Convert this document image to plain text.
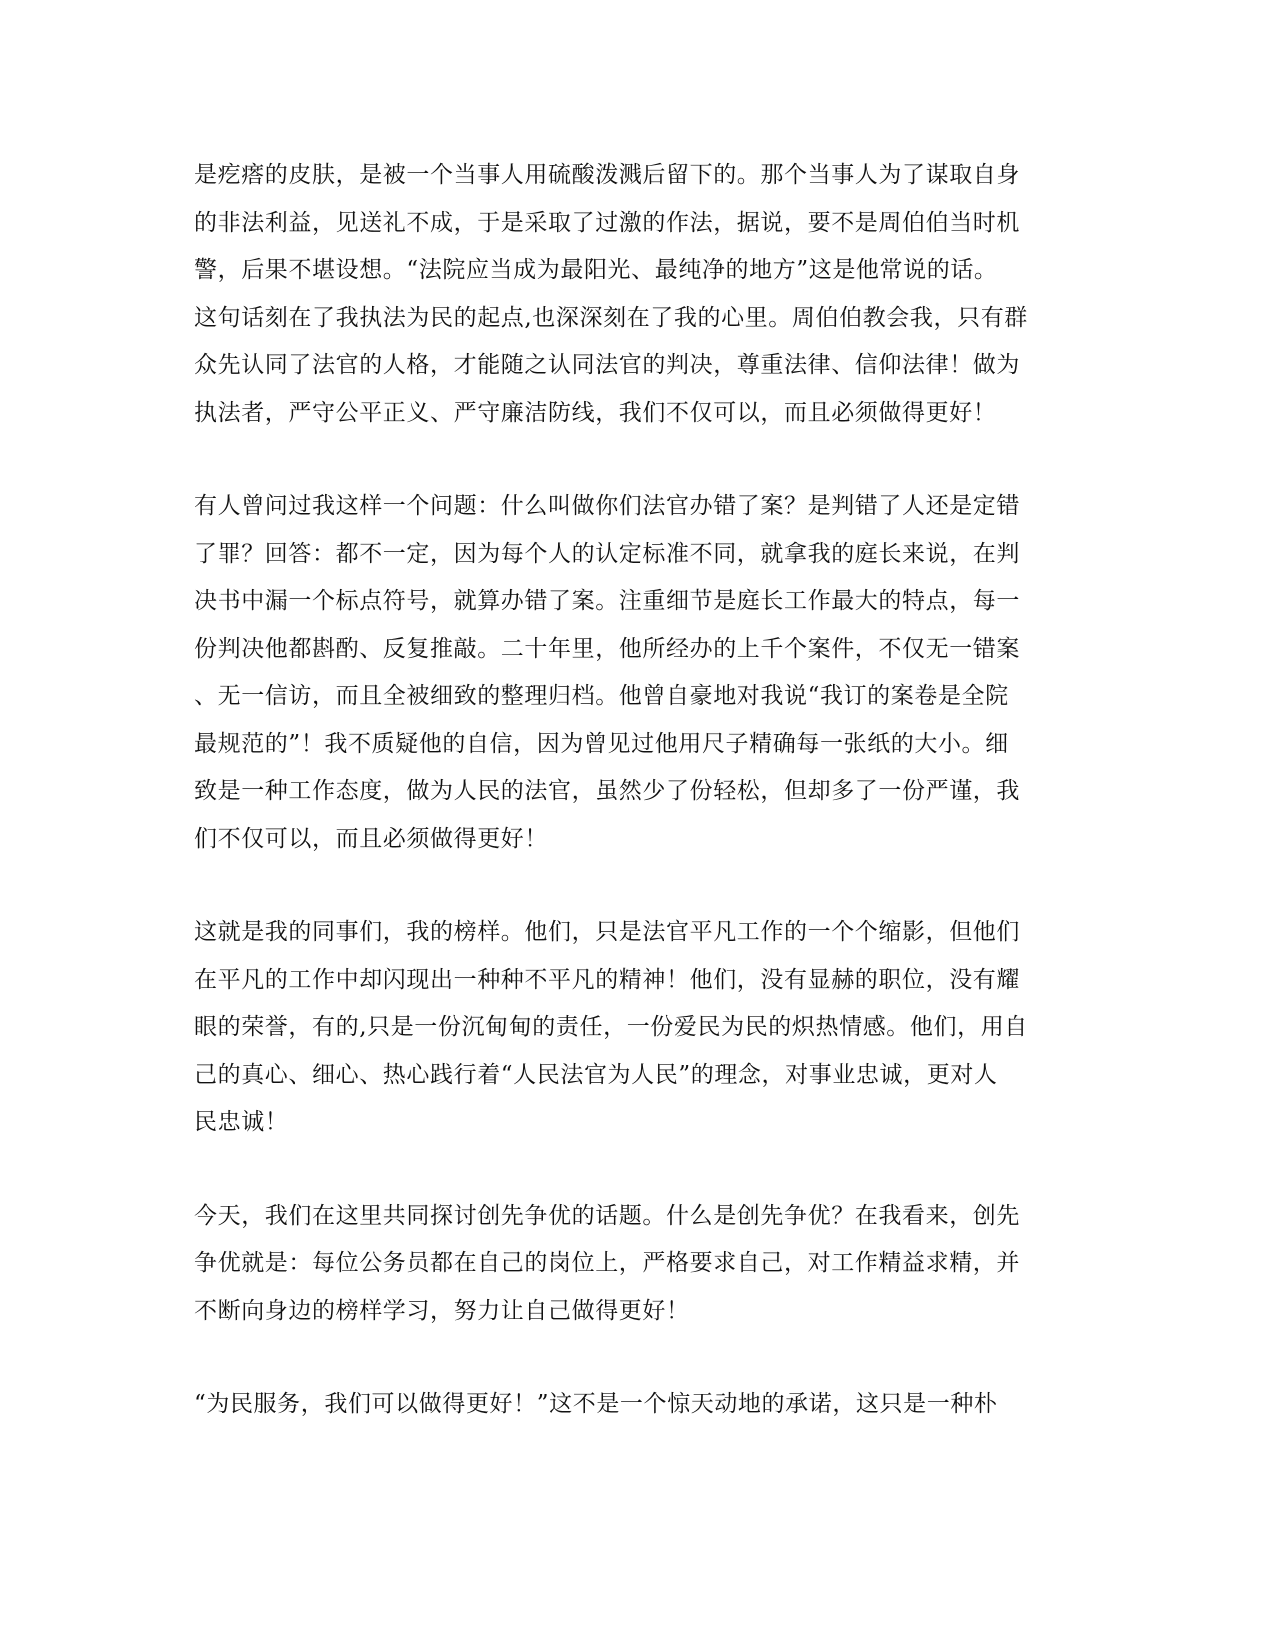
是疙瘩的皮肤，是被一个当事人用硫酸泼溅后留下的。那个当事人为了谋取自身
的非法利益，见送礼不成，于是采取了过激的作法，据说，要不是周伯伯当时机
警，后果不堪设想。“法院应当成为最阳光、最纯净的地方”这是他常说的话。
这句话刻在了我执法为民的起点,也深深刻在了我的心里。周伯伯教会我，只有群
众先认同了法官的人格，才能随之认同法官的判决，尊重法律、信仰法律！做为
执法者，严守公平正义、严守廉洁防线，我们不仅可以，而且必须做得更好！
有人曾问过我这样一个问题：什么叫做你们法官办错了案？是判错了人还是定错
了罪？回答：都不一定，因为每个人的认定标准不同，就拿我的庭长来说，在判
决书中漏一个标点符号，就算办错了案。注重细节是庭长工作最大的特点，每一
份判决他都斟酌、反复推敲。二十年里，他所经办的上千个案件，不仅无一错案
、无一信访，而且全被细致的整理归档。他曾自豪地对我说“我订的案卷是全院
最规范的”！我不质疑他的自信，因为曾见过他用尺子精确每一张纸的大小。细
致是一种工作态度，做为人民的法官，虽然少了份轻松，但却多了一份严谨，我
们不仅可以，而且必须做得更好！
这就是我的同事们，我的榜样。他们，只是法官平凡工作的一个个缩影，但他们
在平凡的工作中却闪现出一种种不平凡的精神！他们，没有显赫的职位，没有耀
眼的荣誉，有的,只是一份沉甸甸的责任，一份爱民为民的炽热情感。他们，用自
己的真心、细心、热心践行着“人民法官为人民”的理念，对事业忠诚，更对人
民忠诚！
今天，我们在这里共同探讨创先争优的话题。什么是创先争优？在我看来，创先
争优就是：每位公务员都在自己的岗位上，严格要求自己，对工作精益求精，并
不断向身边的榜样学习，努力让自己做得更好！
“为民服务，我们可以做得更好！”这不是一个惊天动地的承诺，这只是一种朴
